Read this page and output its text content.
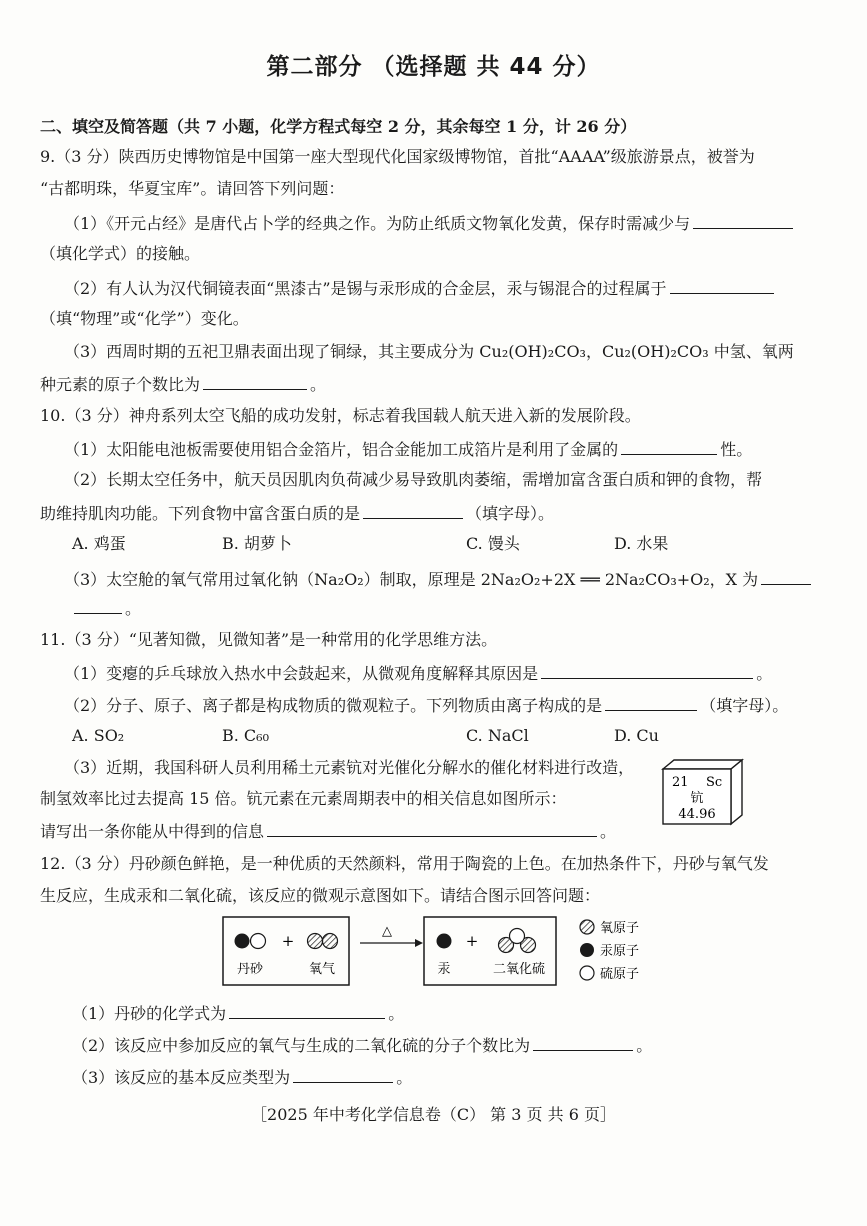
第二部分 （选择题 共 44 分）
二、填空及简答题（共 7 小题，化学方程式每空 2 分，其余每空 1 分，计 26 分）
9.（3 分）陕西历史博物馆是中国第一座大型现代化国家级博物馆，首批“AAAA”级旅游景点，被誉为
“古都明珠，华夏宝库”。请回答下列问题：
（1）《开元占经》是唐代占卜学的经典之作。为防止纸质文物氧化发黄，保存时需减少与
（填化学式）的接触。
（2）有人认为汉代铜镜表面“黑漆古”是锡与汞形成的合金层，汞与锡混合的过程属于
（填“物理”或“化学”）变化。
（3）西周时期的五祀卫鼎表面出现了铜绿，其主要成分为 Cu₂(OH)₂CO₃，Cu₂(OH)₂CO₃ 中氢、氧两
种元素的原子个数比为	。
10.（3 分）神舟系列太空飞船的成功发射，标志着我国载人航天进入新的发展阶段。
（1）太阳能电池板需要使用铝合金箔片，铝合金能加工成箔片是利用了金属的	性。
（2）长期太空任务中，航天员因肌肉负荷减少易导致肌肉萎缩，需增加富含蛋白质和钾的食物，帮
助维持肌肉功能。下列食物中富含蛋白质的是	（填字母）。
A. 鸡蛋	B. 胡萝卜	C. 馒头	D. 水果
（3）太空舱的氧气常用过氧化钠（Na₂O₂）制取，原理是 2Na₂O₂+2X ══ 2Na₂CO₃+O₂，X 为
。
11.（3 分）“见著知微，见微知著”是一种常用的化学思维方法。
（1）变瘪的乒乓球放入热水中会鼓起来，从微观角度解释其原因是	。
（2）分子、原子、离子都是构成物质的微观粒子。下列物质由离子构成的是	（填字母）。
A. SO₂	B. C₆₀	C. NaCl	D. Cu
（3）近期，我国科研人员利用稀土元素钪对光催化分解水的催化材料进行改造，
制氢效率比过去提高 15 倍。钪元素在元素周期表中的相关信息如图所示：
请写出一条你能从中得到的信息	。
21 Sc
钪
44.96
12.（3 分）丹砂颜色鲜艳，是一种优质的天然颜料，常用于陶瓷的上色。在加热条件下，丹砂与氧气发
生反应，生成汞和二氧化硫，该反应的微观示意图如下。请结合图示回答问题：
+
丹砂	氧气
△
+
汞	二氧化硫
氧原子
汞原子
硫原子
（1）丹砂的化学式为	。
（2）该反应中参加反应的氧气与生成的二氧化硫的分子个数比为	。
（3）该反应的基本反应类型为	。
［2025 年中考化学信息卷（C） 第 3 页 共 6 页］
